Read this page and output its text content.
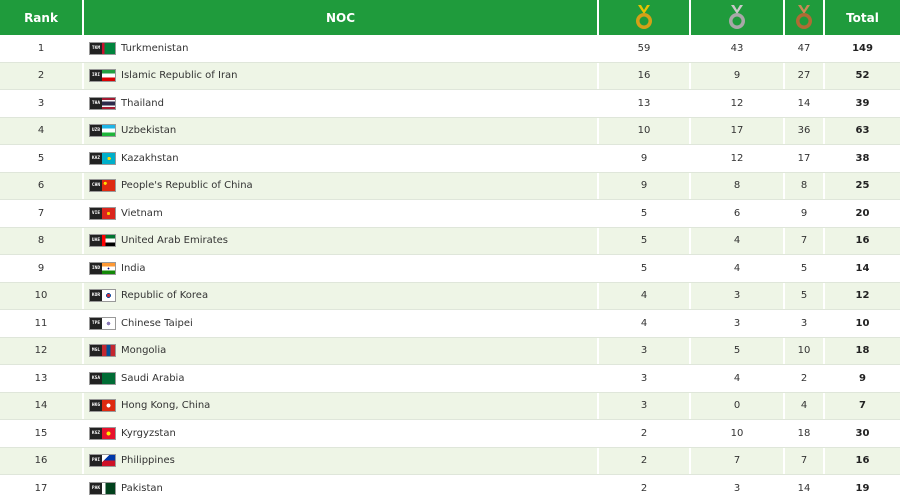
Rank	NOC	Total
1	TKM Turkmenistan	59	43	47	149
2	IRI Islamic Republic of Iran	16	9	27	52
3	THA Thailand	13	12	14	39
4	UZB Uzbekistan	10	17	36	63
5	KAZ Kazakhstan	9	12	17	38
6	CHN People's Republic of China	9	8	8	25
7	VIE Vietnam	5	6	9	20
8	UAE United Arab Emirates	5	4	7	16
9	IND India	5	4	5	14
10	KOR Republic of Korea	4	3	5	12
11	TPE Chinese Taipei	4	3	3	10
12	MGL Mongolia	3	5	10	18
13	KSA Saudi Arabia	3	4	2	9
14	HKG Hong Kong, China	3	0	4	7
15	KGZ Kyrgyzstan	2	10	18	30
16	PHI Philippines	2	7	7	16
17	PAK Pakistan	2	3	14	19
